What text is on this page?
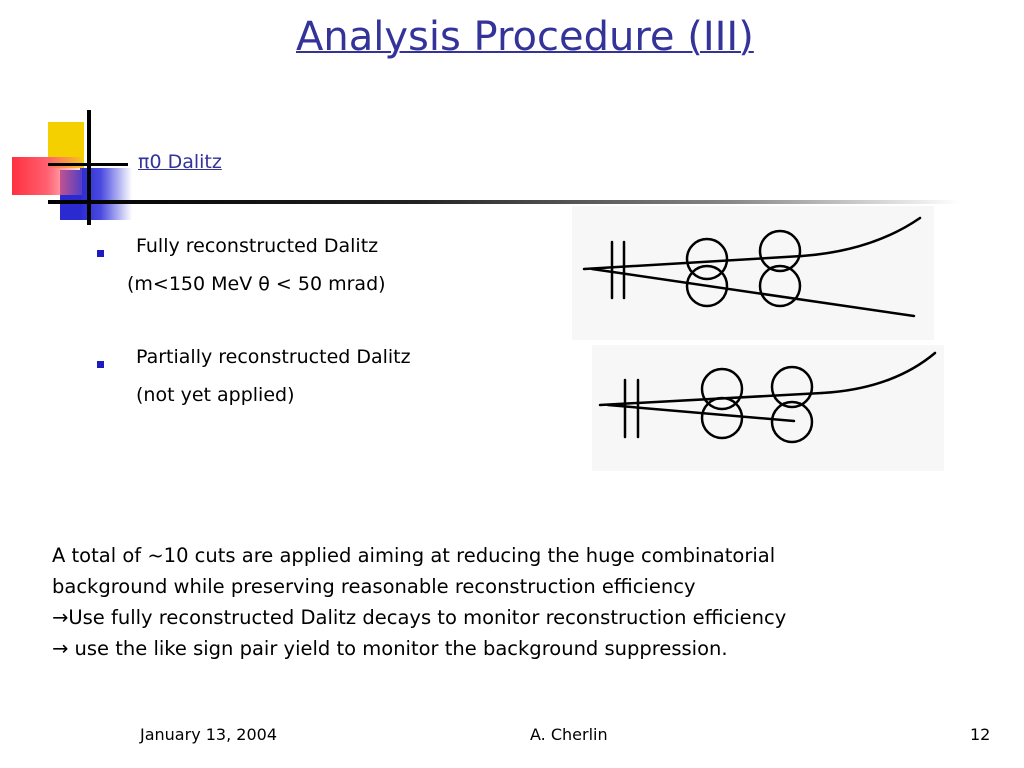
Analysis Procedure (III)
π0 Dalitz
Fully reconstructed Dalitz
(m<150 MeV θ < 50 mrad)
Partially reconstructed Dalitz
(not yet applied)
A total of ~10 cuts are applied aiming at reducing the huge combinatorial
background while preserving reasonable reconstruction efficiency
→Use fully reconstructed Dalitz decays to monitor reconstruction efficiency
→ use the like sign pair yield to monitor the background suppression.
January 13, 2004	A. Cherlin	12
